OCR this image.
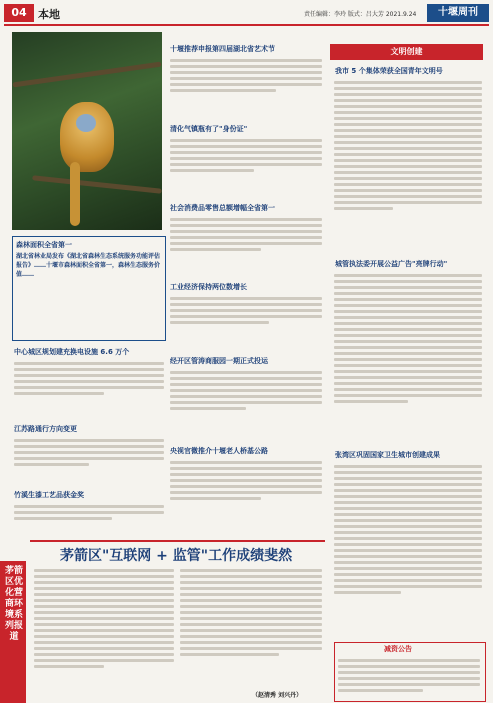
04	本地	责任编辑：李玲 版式：吕大芳 2021.9.24	十堰周刊
十堰推荐申报第四届湖北省艺术节
清化气镇瓶有了"身份证"
社会消费品零售总额增幅全省第一
工业经济保持两位数增长
经开区管涛商服园一期正式投运
央视官微推介十堰老人桥基公路
森林面积全省第一
湖北省林业局发布《湖北省森林生态系统服务功能评估报告》……十堰市森林面积全省第一，森林生态服务价值……
中心城区规划建充换电设施 6.6 万个
江苏路通行方向变更
竹溪生漆工艺品获金奖
文明创建
我市 5 个集体荣获全国青年文明号
城管执法委开展公益广告"亮牌行动"
张湾区巩固国家卫生城市创建成果
减资公告
茅箭区"互联网 + 监管"工作成绩斐然
（赵清秀 刘兴丹）
茅箭区优化营商环境系列报道
